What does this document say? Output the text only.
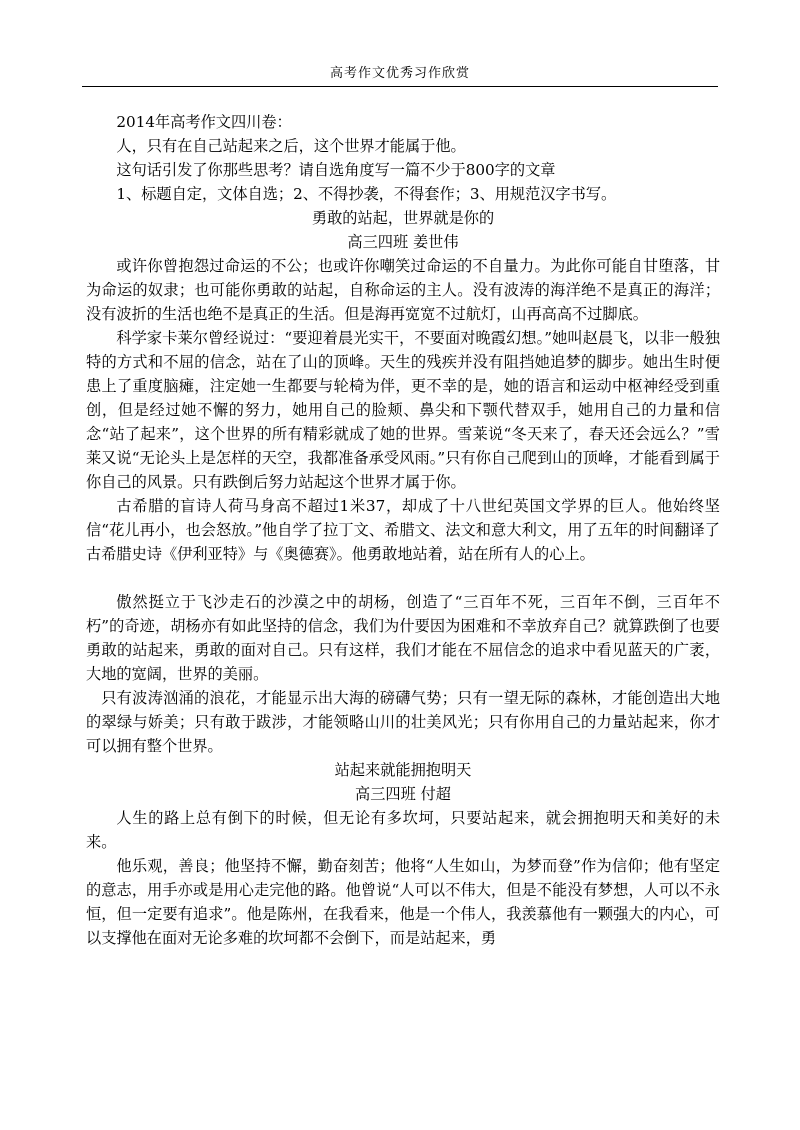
高考作文优秀习作欣赏

2014年高考作文四川卷：

人，只有在自己站起来之后，这个世界才能属于他。

这句话引发了你那些思考？请自选角度写一篇不少于800字的文章

1、标题自定，文体自选；2、不得抄袭，不得套作；3、用规范汉字书写。

勇敢的站起，世界就是你的

高三四班 姜世伟

或许你曾抱怨过命运的不公；也或许你嘲笑过命运的不自量力。为此你可能自甘堕落，甘为命运的奴隶；也可能你勇敢的站起，自称命运的主人。没有波涛的海洋绝不是真正的海洋；没有波折的生活也绝不是真正的生活。但是海再宽宽不过航灯，山再高高不过脚底。

科学家卡莱尔曾经说过：“要迎着晨光实干，不要面对晚霞幻想。”她叫赵晨飞，以非一般独特的方式和不屈的信念，站在了山的顶峰。天生的残疾并没有阻挡她追梦的脚步。她出生时便患上了重度脑瘫，注定她一生都要与轮椅为伴，更不幸的是，她的语言和运动中枢神经受到重创，但是经过她不懈的努力，她用自己的脸颊、鼻尖和下颚代替双手，她用自己的力量和信念“站了起来”，这个世界的所有精彩就成了她的世界。雪莱说“冬天来了，春天还会远么？”雪莱又说“无论头上是怎样的天空，我都准备承受风雨。”只有你自己爬到山的顶峰，才能看到属于你自己的风景。只有跌倒后努力站起这个世界才属于你。

古希腊的盲诗人荷马身高不超过1米37，却成了十八世纪英国文学界的巨人。他始终坚信“花儿再小，也会怒放。”他自学了拉丁文、希腊文、法文和意大利文，用了五年的时间翻译了古希腊史诗《伊利亚特》与《奥德赛》。他勇敢地站着，站在所有人的心上。

傲然挺立于飞沙走石的沙漠之中的胡杨，创造了“三百年不死，三百年不倒，三百年不朽”的奇迹，胡杨亦有如此坚持的信念，我们为什要因为困难和不幸放弃自己？就算跌倒了也要勇敢的站起来，勇敢的面对自己。只有这样，我们才能在不屈信念的追求中看见蓝天的广袤，大地的宽阔，世界的美丽。

只有波涛汹涌的浪花，才能显示出大海的磅礴气势；只有一望无际的森林，才能创造出大地的翠绿与娇美；只有敢于跋涉，才能领略山川的壮美风光；只有你用自己的力量站起来，你才可以拥有整个世界。

站起来就能拥抱明天

高三四班 付超

人生的路上总有倒下的时候，但无论有多坎坷，只要站起来，就会拥抱明天和美好的未来。

他乐观，善良；他坚持不懈，勤奋刻苦；他将“人生如山，为梦而登”作为信仰；他有坚定的意志，用手亦或是用心走完他的路。他曾说“人可以不伟大，但是不能没有梦想，人可以不永恒，但一定要有追求”。他是陈州，在我看来，他是一个伟人，我羡慕他有一颗强大的内心，可以支撑他在面对无论多难的坎坷都不会倒下，而是站起来，勇
